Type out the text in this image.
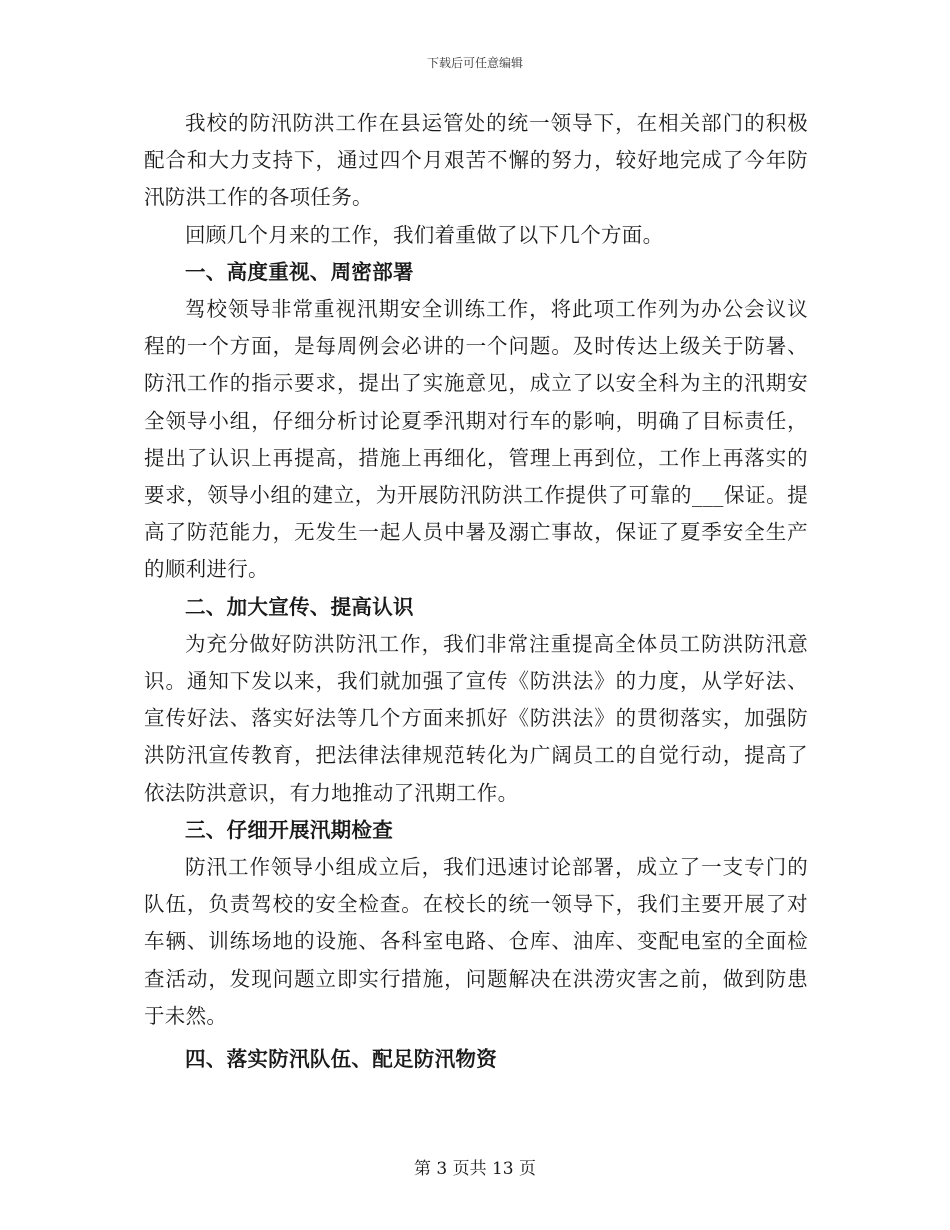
下载后可任意编辑

我校的防汛防洪工作在县运管处的统一领导下，在相关部门的积极配合和大力支持下，通过四个月艰苦不懈的努力，较好地完成了今年防汛防洪工作的各项任务。

回顾几个月来的工作，我们着重做了以下几个方面。

一、高度重视、周密部署

驾校领导非常重视汛期安全训练工作，将此项工作列为办公会议议程的一个方面，是每周例会必讲的一个问题。及时传达上级关于防暑、防汛工作的指示要求，提出了实施意见，成立了以安全科为主的汛期安全领导小组，仔细分析讨论夏季汛期对行车的影响，明确了目标责任，提出了认识上再提高，措施上再细化，管理上再到位，工作上再落实的要求，领导小组的建立，为开展防汛防洪工作提供了可靠的___保证。提高了防范能力，无发生一起人员中暑及溺亡事故，保证了夏季安全生产的顺利进行。

二、加大宣传、提高认识

为充分做好防洪防汛工作，我们非常注重提高全体员工防洪防汛意识。通知下发以来，我们就加强了宣传《防洪法》的力度，从学好法、宣传好法、落实好法等几个方面来抓好《防洪法》的贯彻落实，加强防洪防汛宣传教育，把法律法律规范转化为广阔员工的自觉行动，提高了依法防洪意识，有力地推动了汛期工作。

三、仔细开展汛期检查

防汛工作领导小组成立后，我们迅速讨论部署，成立了一支专门的队伍，负责驾校的安全检查。在校长的统一领导下，我们主要开展了对车辆、训练场地的设施、各科室电路、仓库、油库、变配电室的全面检查活动，发现问题立即实行措施，问题解决在洪涝灾害之前，做到防患于未然。

四、落实防汛队伍、配足防汛物资

第 3 页共 13 页
